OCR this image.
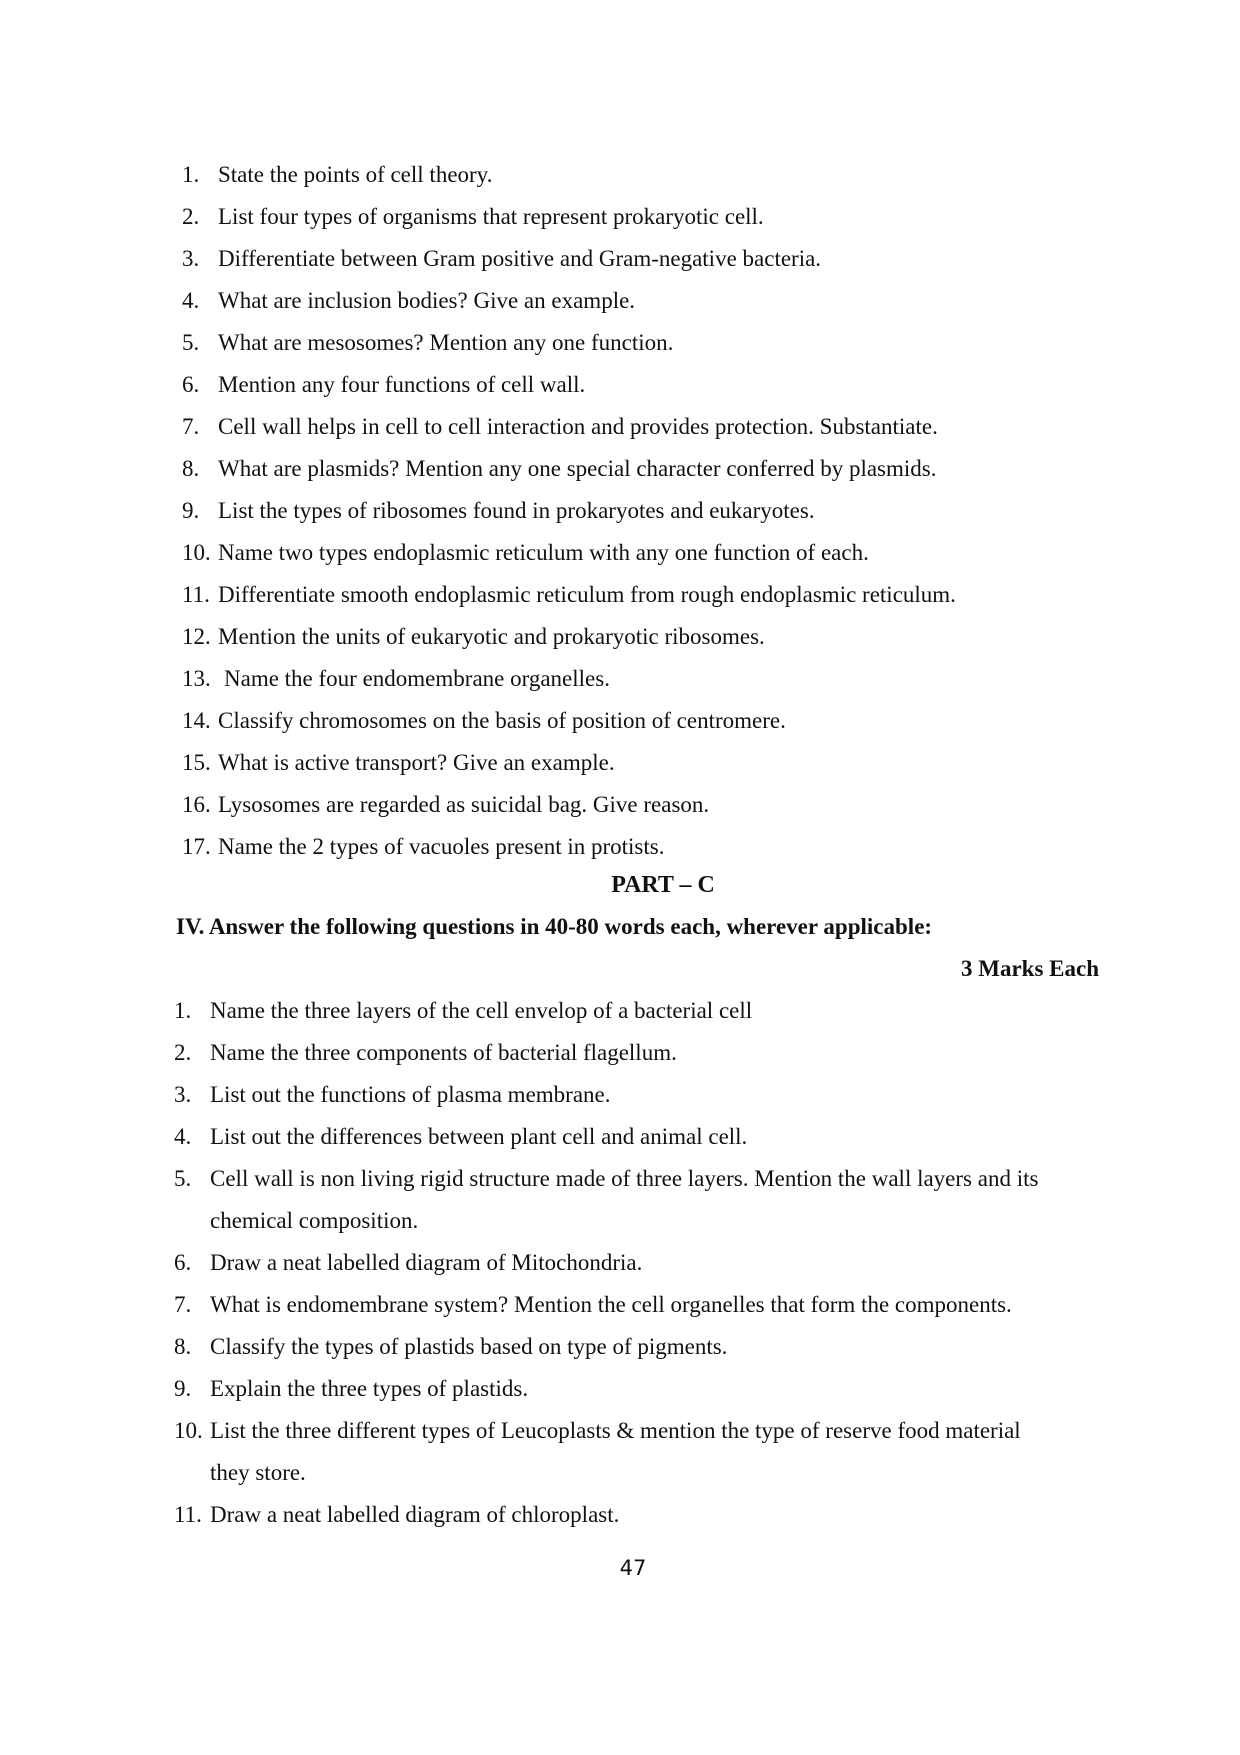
1. State the points of cell theory.
2. List four types of organisms that represent prokaryotic cell.
3. Differentiate between Gram positive and Gram-negative bacteria.
4. What are inclusion bodies? Give an example.
5. What are mesosomes? Mention any one function.
6. Mention any four functions of cell wall.
7. Cell wall helps in cell to cell interaction and provides protection. Substantiate.
8. What are plasmids? Mention any one special character conferred by plasmids.
9. List the types of ribosomes found in prokaryotes and eukaryotes.
10. Name two types endoplasmic reticulum with any one function of each.
11. Differentiate smooth endoplasmic reticulum from rough endoplasmic reticulum.
12. Mention the units of eukaryotic and prokaryotic ribosomes.
13. Name the four endomembrane organelles.
14. Classify chromosomes on the basis of position of centromere.
15. What is active transport? Give an example.
16. Lysosomes are regarded as suicidal bag. Give reason.
17. Name the 2 types of vacuoles present in protists.
PART – C
IV. Answer the following questions in 40-80 words each, wherever applicable:
3 Marks Each
1. Name the three layers of the cell envelop of a bacterial cell
2. Name the three components of bacterial flagellum.
3. List out the functions of plasma membrane.
4. List out the differences between plant cell and animal cell.
5. Cell wall is non living rigid structure made of three layers. Mention the wall layers and its
chemical composition.
6. Draw a neat labelled diagram of Mitochondria.
7. What is endomembrane system? Mention the cell organelles that form the components.
8. Classify the types of plastids based on type of pigments.
9. Explain the three types of plastids.
10. List the three different types of Leucoplasts & mention the type of reserve food material
they store.
11. Draw a neat labelled diagram of chloroplast.
47
